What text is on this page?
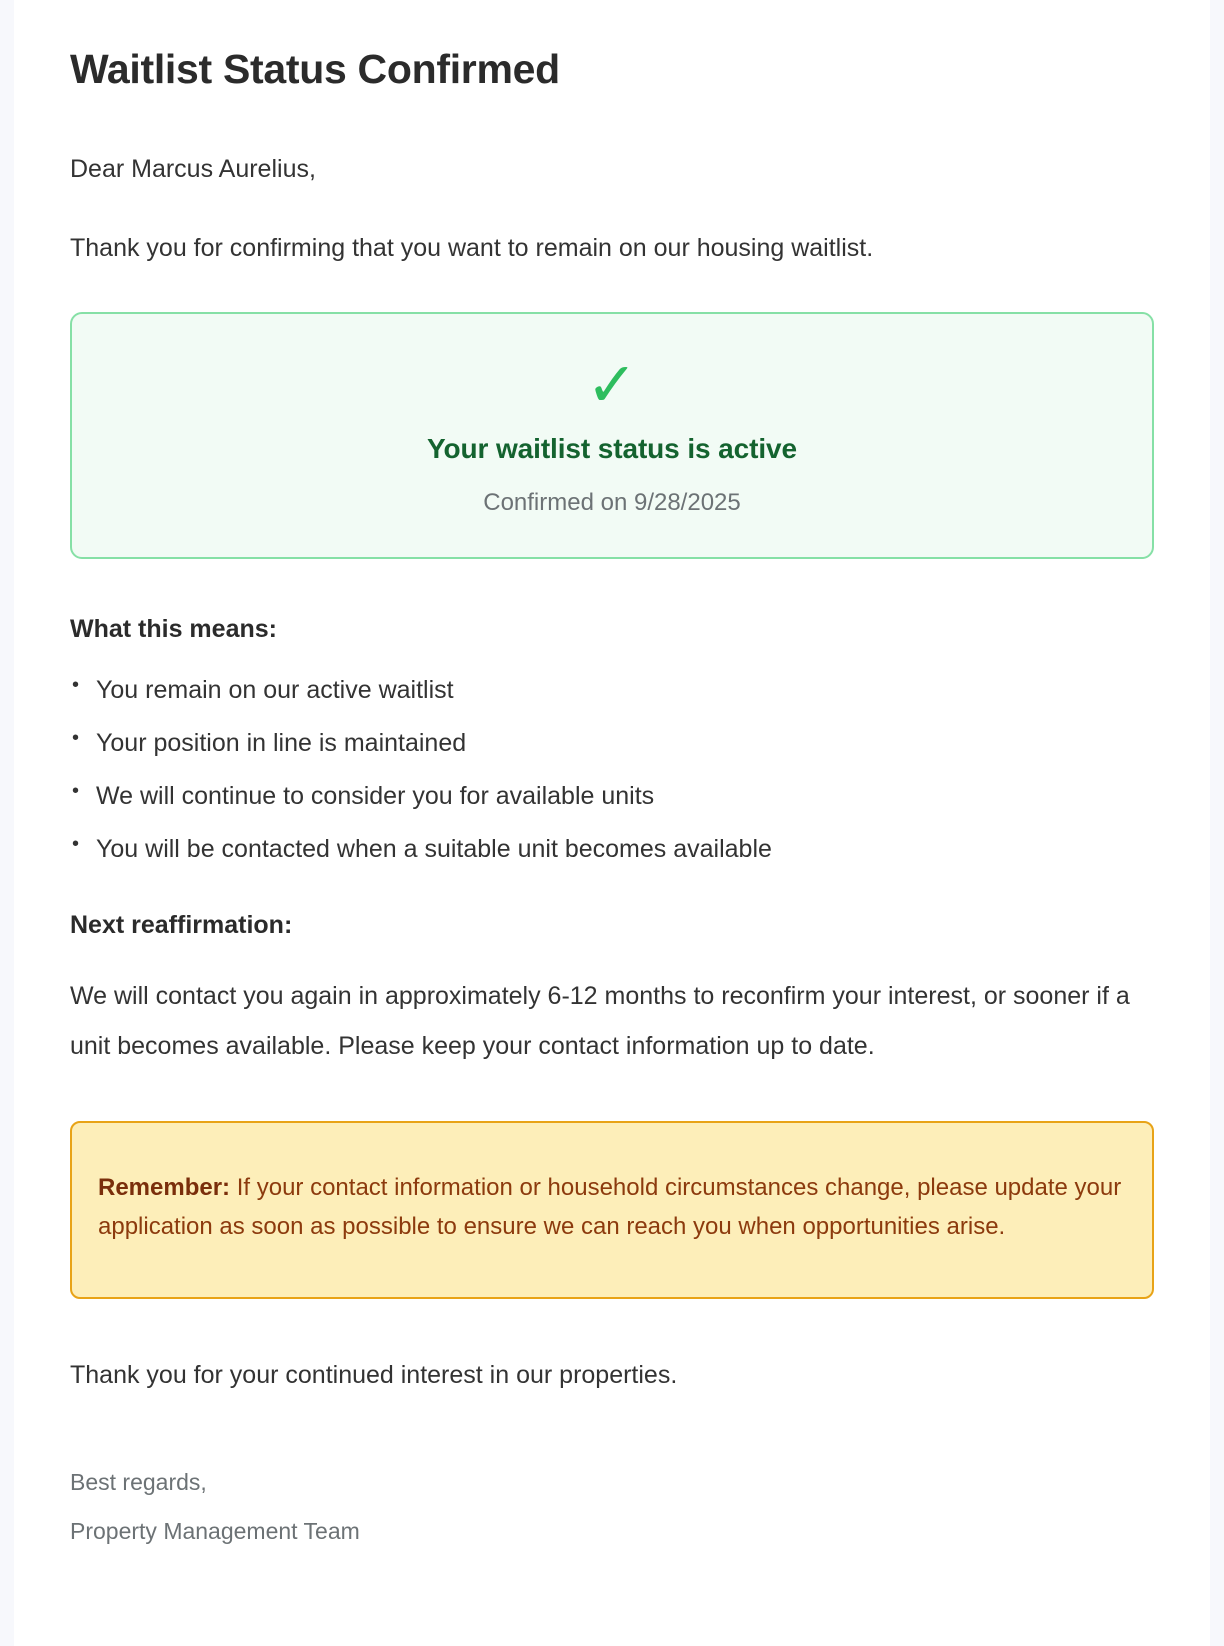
Waitlist Status Confirmed

Dear Marcus Aurelius,

Thank you for confirming that you want to remain on our housing waitlist.

✓
Your waitlist status is active
Confirmed on 9/28/2025
What this means:
• You remain on our active waitlist
• Your position in line is maintained
• We will continue to consider you for available units
• You will be contacted when a suitable unit becomes available
Next reaffirmation:

We will contact you again in approximately 6-12 months to reconfirm your interest, or sooner if a unit becomes available. Please keep your contact information up to date.

Remember: If your contact information or household circumstances change, please update your application as soon as possible to ensure we can reach you when opportunities arise.

Thank you for your continued interest in our properties.

Best regards,
Property Management Team
